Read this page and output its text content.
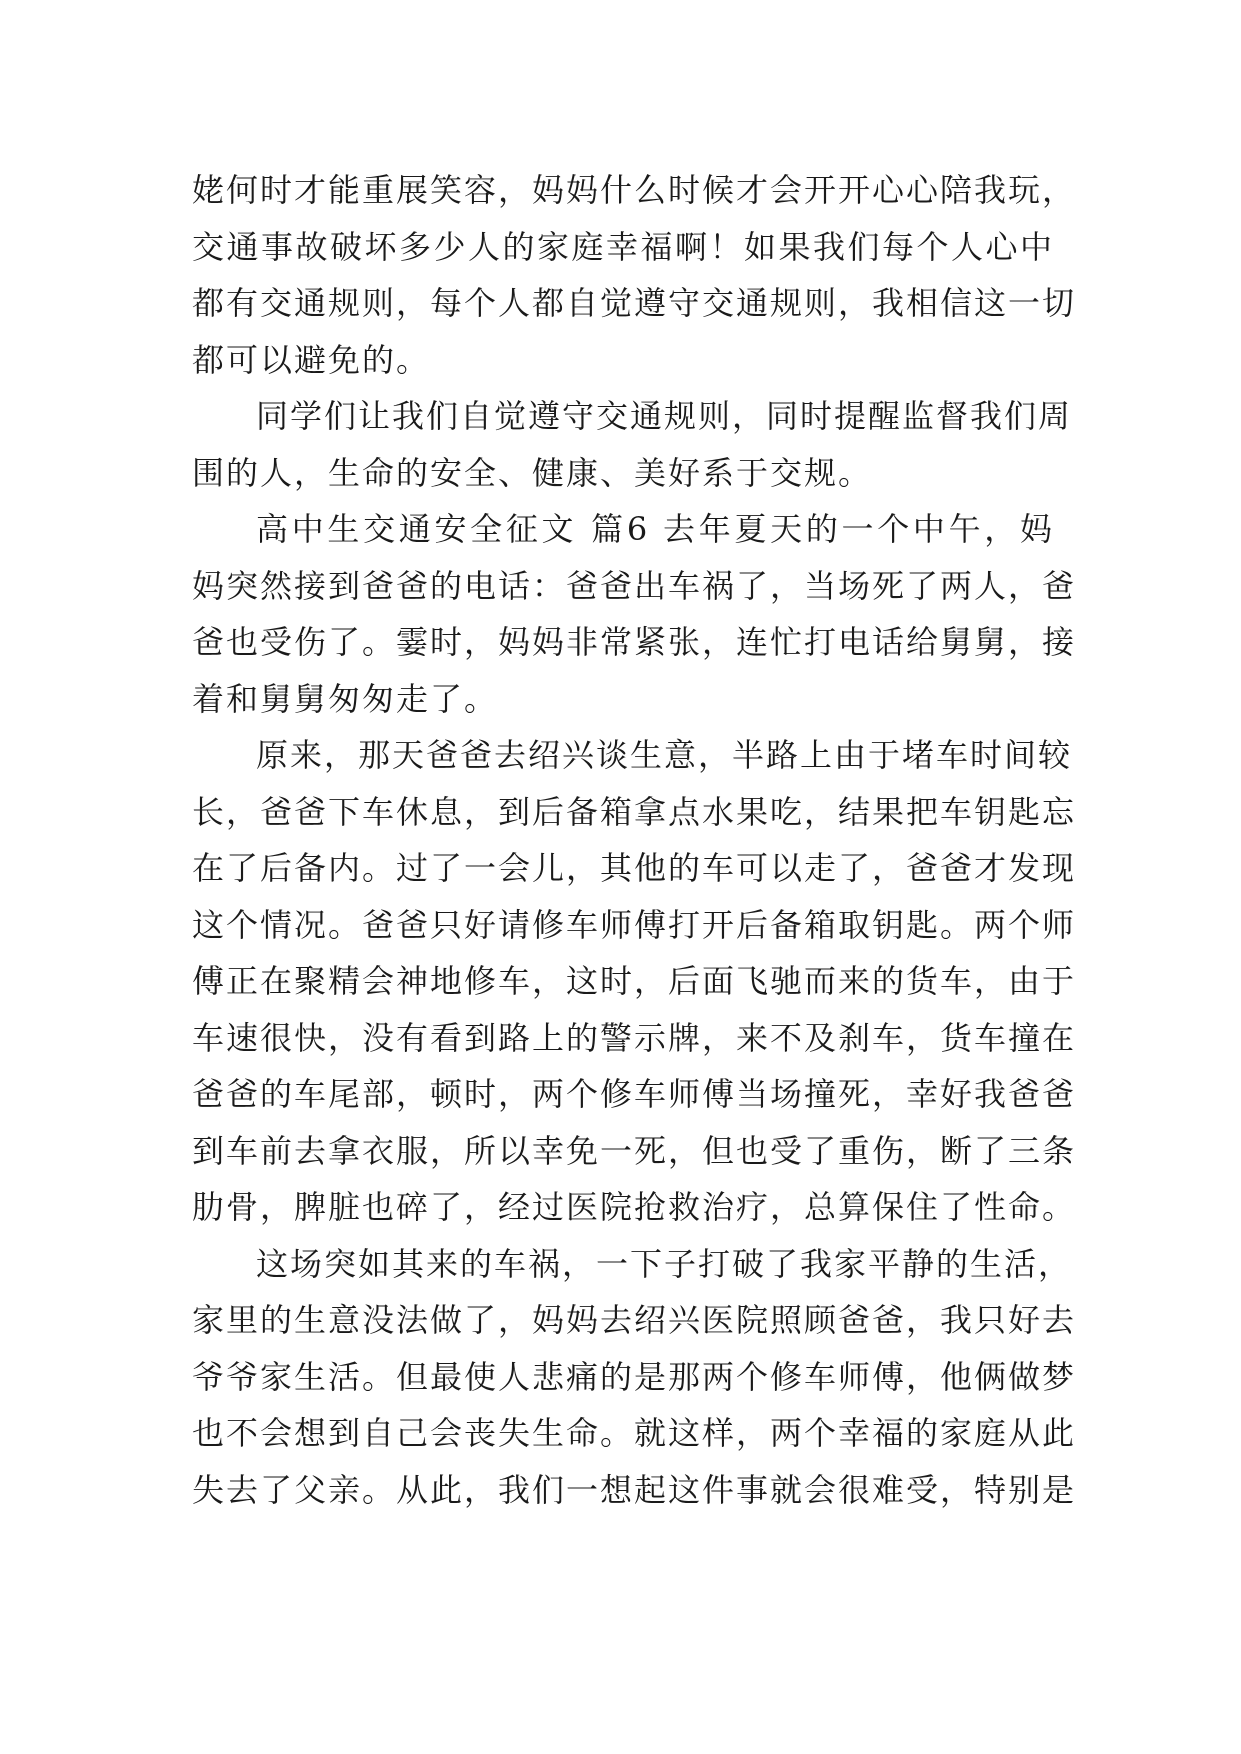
姥何时才能重展笑容，妈妈什么时候才会开开心心陪我玩，
交通事故破坏多少人的家庭幸福啊！如果我们每个人心中
都有交通规则，每个人都自觉遵守交通规则，我相信这一切
都可以避免的。
同学们让我们自觉遵守交通规则，同时提醒监督我们周
围的人，生命的安全、健康、美好系于交规。
高中生交通安全征文 篇6 去年夏天的一个中午，妈
妈突然接到爸爸的电话：爸爸出车祸了，当场死了两人，爸
爸也受伤了。霎时，妈妈非常紧张，连忙打电话给舅舅，接
着和舅舅匆匆走了。
原来，那天爸爸去绍兴谈生意，半路上由于堵车时间较
长，爸爸下车休息，到后备箱拿点水果吃，结果把车钥匙忘
在了后备内。过了一会儿，其他的车可以走了，爸爸才发现
这个情况。爸爸只好请修车师傅打开后备箱取钥匙。两个师
傅正在聚精会神地修车，这时，后面飞驰而来的货车，由于
车速很快，没有看到路上的警示牌，来不及刹车，货车撞在
爸爸的车尾部，顿时，两个修车师傅当场撞死，幸好我爸爸
到车前去拿衣服，所以幸免一死，但也受了重伤，断了三条
肋骨，脾脏也碎了，经过医院抢救治疗，总算保住了性命。
这场突如其来的车祸，一下子打破了我家平静的生活，
家里的生意没法做了，妈妈去绍兴医院照顾爸爸，我只好去
爷爷家生活。但最使人悲痛的是那两个修车师傅，他俩做梦
也不会想到自己会丧失生命。就这样，两个幸福的家庭从此
失去了父亲。从此，我们一想起这件事就会很难受，特别是
